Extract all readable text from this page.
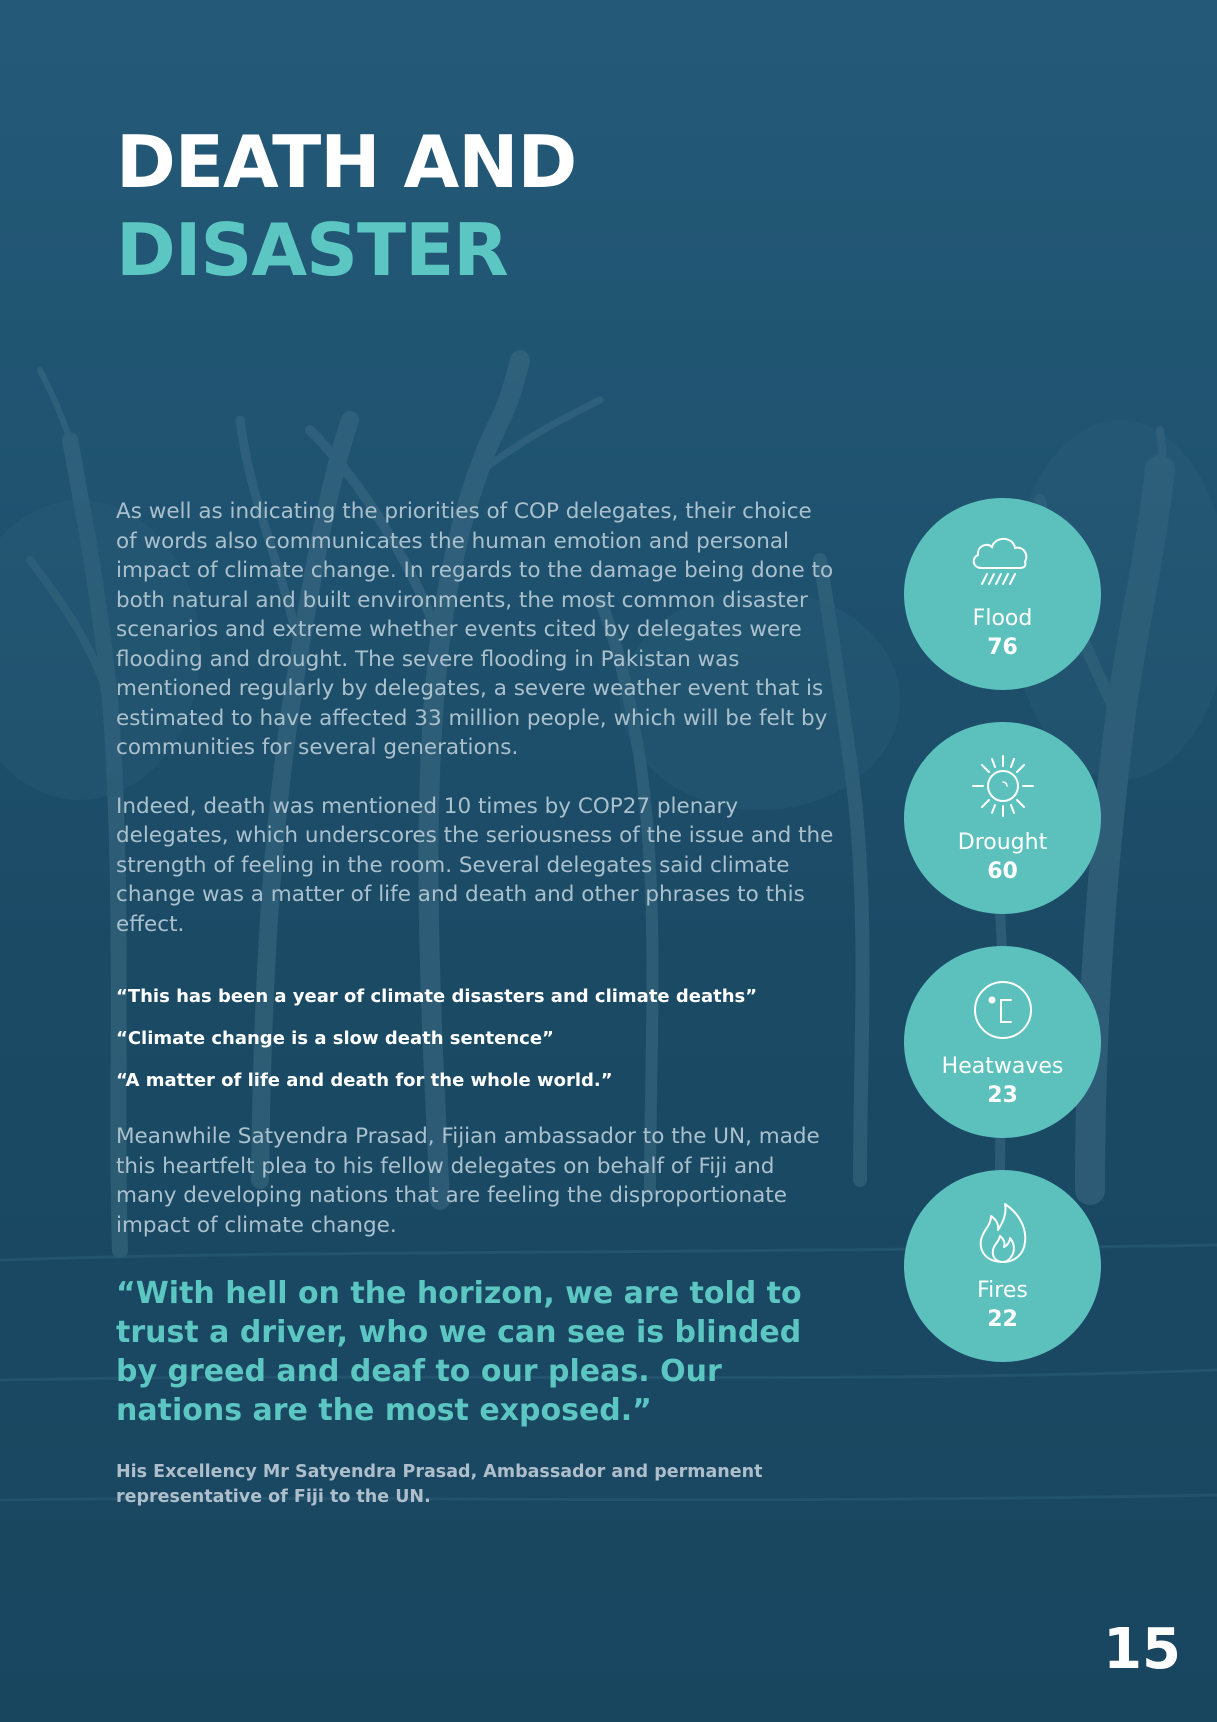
DEATH AND
DISASTER

As well as indicating the priorities of COP delegates, their choice of words also communicates the human emotion and personal impact of climate change. In regards to the damage being done to both natural and built environments, the most common disaster scenarios and extreme whether events cited by delegates were flooding and drought. The severe flooding in Pakistan was mentioned regularly by delegates, a severe weather event that is estimated to have affected 33 million people, which will be felt by communities for several generations.

Indeed, death was mentioned 10 times by COP27 plenary delegates, which underscores the seriousness of the issue and the strength of feeling in the room. Several delegates said climate change was a matter of life and death and other phrases to this effect.

“This has been a year of climate disasters and climate deaths”

“Climate change is a slow death sentence”

“A matter of life and death for the whole world.”

Meanwhile Satyendra Prasad, Fijian ambassador to the UN, made this heartfelt plea to his fellow delegates on behalf of Fiji and many developing nations that are feeling the disproportionate impact of climate change.

“With hell on the horizon, we are told to trust a driver, who we can see is blinded by greed and deaf to our pleas. Our nations are the most exposed.”

His Excellency Mr Satyendra Prasad, Ambassador and permanent representative of Fiji to the UN.

Flood
76
Drought
60
Heatwaves
23
Fires
22
15
